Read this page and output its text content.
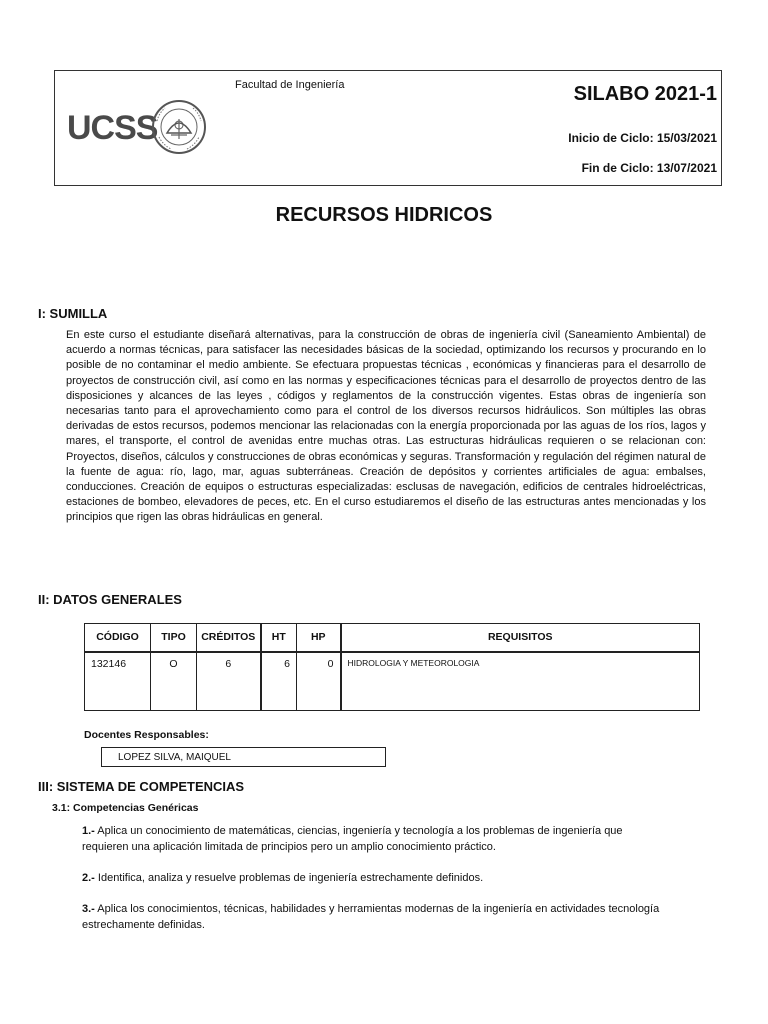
Facultad de Ingeniería
UCSS
SILABO 2021-1
Inicio de Ciclo: 15/03/2021
Fin de Ciclo: 13/07/2021
RECURSOS HIDRICOS
I: SUMILLA
En este curso el estudiante diseñará alternativas, para la construcción de obras de ingeniería civil (Saneamiento Ambiental) de acuerdo a normas técnicas, para satisfacer las necesidades básicas de la sociedad, optimizando los recursos y procurando en lo posible de no contaminar el medio ambiente. Se efectuara propuestas técnicas , económicas y financieras para el desarrollo de proyectos de construcción civil, así como en las normas y especificaciones técnicas para el desarrollo de proyectos dentro de las disposiciones y alcances de las leyes , códigos y reglamentos de la construcción vigentes. Estas obras de ingeniería son necesarias tanto para el aprovechamiento como para el control de los diversos recursos hidráulicos. Son múltiples las obras derivadas de estos recursos, podemos mencionar las relacionadas con la energía proporcionada por las aguas de los ríos, lagos y mares, el transporte, el control de avenidas entre muchas otras. Las estructuras hidráulicas requieren o se relacionan con: Proyectos, diseños, cálculos y construcciones de obras económicas y seguras. Transformación y regulación del régimen natural de la fuente de agua: río, lago, mar, aguas subterráneas. Creación de depósitos y corrientes artificiales de agua: embalses, conducciones. Creación de equipos o estructuras especializadas: esclusas de navegación, edificios de centrales hidroeléctricas, estaciones de bombeo, elevadores de peces, etc. En el curso estudiaremos el diseño de las estructuras antes mencionadas y los principios que rigen las obras hidráulicas en general.
II: DATOS GENERALES
CÓDIGO	TIPO	CRÉDITOS	HT	HP	REQUISITOS
132146	O	6	6	0	HIDROLOGIA Y METEOROLOGIA
Docentes Responsables:
LOPEZ SILVA, MAIQUEL
III: SISTEMA DE COMPETENCIAS
3.1: Competencias Genéricas
1.- Aplica un conocimiento de matemáticas, ciencias, ingeniería y tecnología a los problemas de ingeniería que requieren una aplicación limitada de principios pero un amplio conocimiento práctico.
2.- Identifica, analiza y resuelve problemas de ingeniería estrechamente definidos.
3.- Aplica los conocimientos, técnicas, habilidades y herramientas modernas de la ingeniería en actividades tecnología estrechamente definidas.
